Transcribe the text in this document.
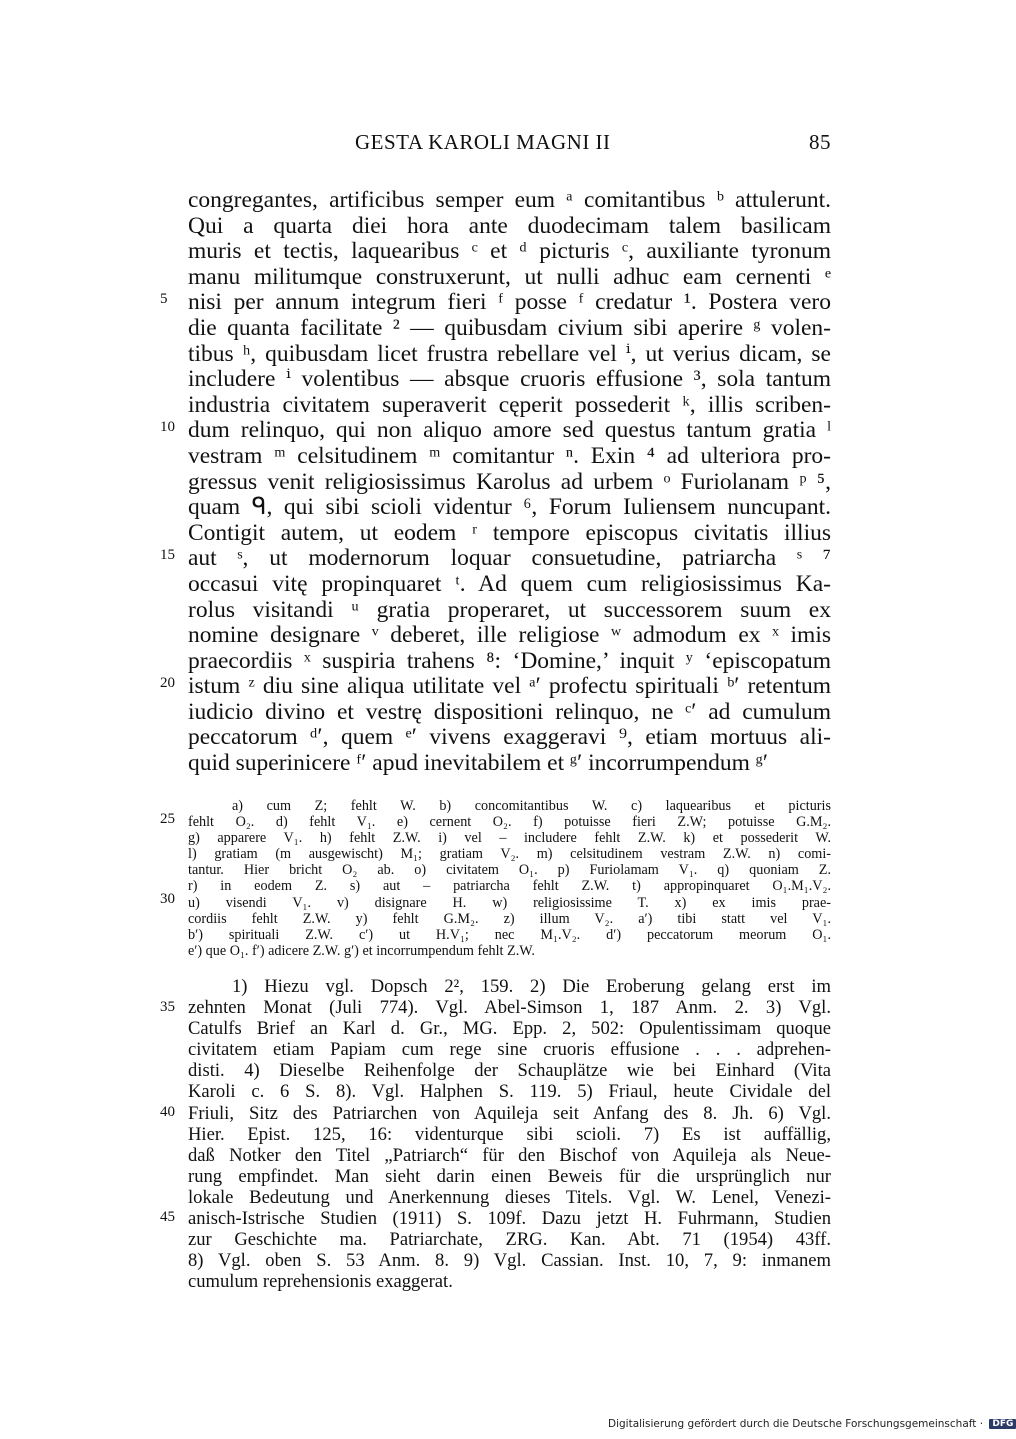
GESTA KAROLI MAGNI II	85
congregantes, artificibus semper eum ᵃ comitantibus ᵇ attulerunt.
Qui a quarta diei hora ante duodecimam talem basilicam
muris et tectis, laquearibus ᶜ et ᵈ picturis ᶜ, auxiliante tyronum
manu militumque construxerunt, ut nulli adhuc eam cernenti ᵉ
nisi per annum integrum fieri ᶠ posse ᶠ credatur ¹. Postera vero
die quanta facilitate ² — quibusdam civium sibi aperire ᵍ volen-
tibus ʰ, quibusdam licet frustra rebellare vel ⁱ, ut verius dicam, se
includere ⁱ volentibus — absque cruoris effusione ³, sola tantum
industria civitatem superaverit cęperit possederit ᵏ, illis scriben-
dum relinquo, qui non aliquo amore sed questus tantum gratia ˡ
vestram ᵐ celsitudinem ᵐ comitantur ⁿ. Exin ⁴ ad ulteriora pro-
gressus venit religiosissimus Karolus ad urbem ᵒ Furiolanam ᵖ ⁵,
quam ᑫ, qui sibi scioli videntur ⁶, Forum Iuliensem nuncupant.
Contigit autem, ut eodem ʳ tempore episcopus civitatis illius
aut ˢ, ut modernorum loquar consuetudine, patriarcha ˢ ⁷
occasui vitę propinquaret ᵗ. Ad quem cum religiosissimus Ka-
rolus visitandi ᵘ gratia properaret, ut successorem suum ex
nomine designare ᵛ deberet, ille religiose ʷ admodum ex ˣ imis
praecordiis ˣ suspiria trahens ⁸: ‘Domine,’ inquit ʸ ‘episcopatum
istum ᶻ diu sine aliqua utilitate vel ᵃ′ profectu spirituali ᵇ′ retentum
iudicio divino et vestrę dispositioni relinquo, ne ᶜ′ ad cumulum
peccatorum ᵈ′, quem ᵉ′ vivens exaggeravi ⁹, etiam mortuus ali-
quid superinicere ᶠ′ apud inevitabilem et ᵍ′ incorrumpendum ᵍ′
5
10
15
20
25
30
35
40
45
a) cum Z; fehlt W. b) concomitantibus W. c) laquearibus et picturis
fehlt O₂. d) fehlt V₁. e) cernent O₂. f) potuisse fieri Z.W; potuisse G.M₂.
g) apparere V₁. h) fehlt Z.W. i) vel – includere fehlt Z.W. k) et possederit W.
l) gratiam (m ausgewischt) M₁; gratiam V₂. m) celsitudinem vestram Z.W. n) comi-
tantur. Hier bricht O₂ ab. o) civitatem O₁. p) Furiolamam V₁. q) quoniam Z.
r) in eodem Z. s) aut – patriarcha fehlt Z.W. t) appropinquaret O₁.M₁.V₂.
u) visendi V₁. v) disignare H. w) religiosissime T. x) ex imis prae-
cordiis fehlt Z.W. y) fehlt G.M₂. z) illum V₂. a′) tibi statt vel V₁.
b′) spirituali Z.W. c′) ut H.V₁; nec M₁.V₂. d′) peccatorum meorum O₁.
e′) que O₁. f′) adicere Z.W. g′) et incorrumpendum fehlt Z.W.
1) Hiezu vgl. Dopsch 2², 159. 2) Die Eroberung gelang erst im
zehnten Monat (Juli 774). Vgl. Abel-Simson 1, 187 Anm. 2. 3) Vgl.
Catulfs Brief an Karl d. Gr., MG. Epp. 2, 502: Opulentissimam quoque
civitatem etiam Papiam cum rege sine cruoris effusione . . . adprehen-
disti. 4) Dieselbe Reihenfolge der Schauplätze wie bei Einhard (Vita
Karoli c. 6 S. 8). Vgl. Halphen S. 119. 5) Friaul, heute Cividale del
Friuli, Sitz des Patriarchen von Aquileja seit Anfang des 8. Jh. 6) Vgl.
Hier. Epist. 125, 16: videnturque sibi scioli. 7) Es ist auffällig,
daß Notker den Titel „Patriarch“ für den Bischof von Aquileja als Neue-
rung empfindet. Man sieht darin einen Beweis für die ursprünglich nur
lokale Bedeutung und Anerkennung dieses Titels. Vgl. W. Lenel, Venezi-
anisch-Istrische Studien (1911) S. 109f. Dazu jetzt H. Fuhrmann, Studien
zur Geschichte ma. Patriarchate, ZRG. Kan. Abt. 71 (1954) 43ff.
8) Vgl. oben S. 53 Anm. 8. 9) Vgl. Cassian. Inst. 10, 7, 9: inmanem
cumulum reprehensionis exaggerat.
Digitalisierung gefördert durch die Deutsche Forschungsgemeinschaft · DFG
